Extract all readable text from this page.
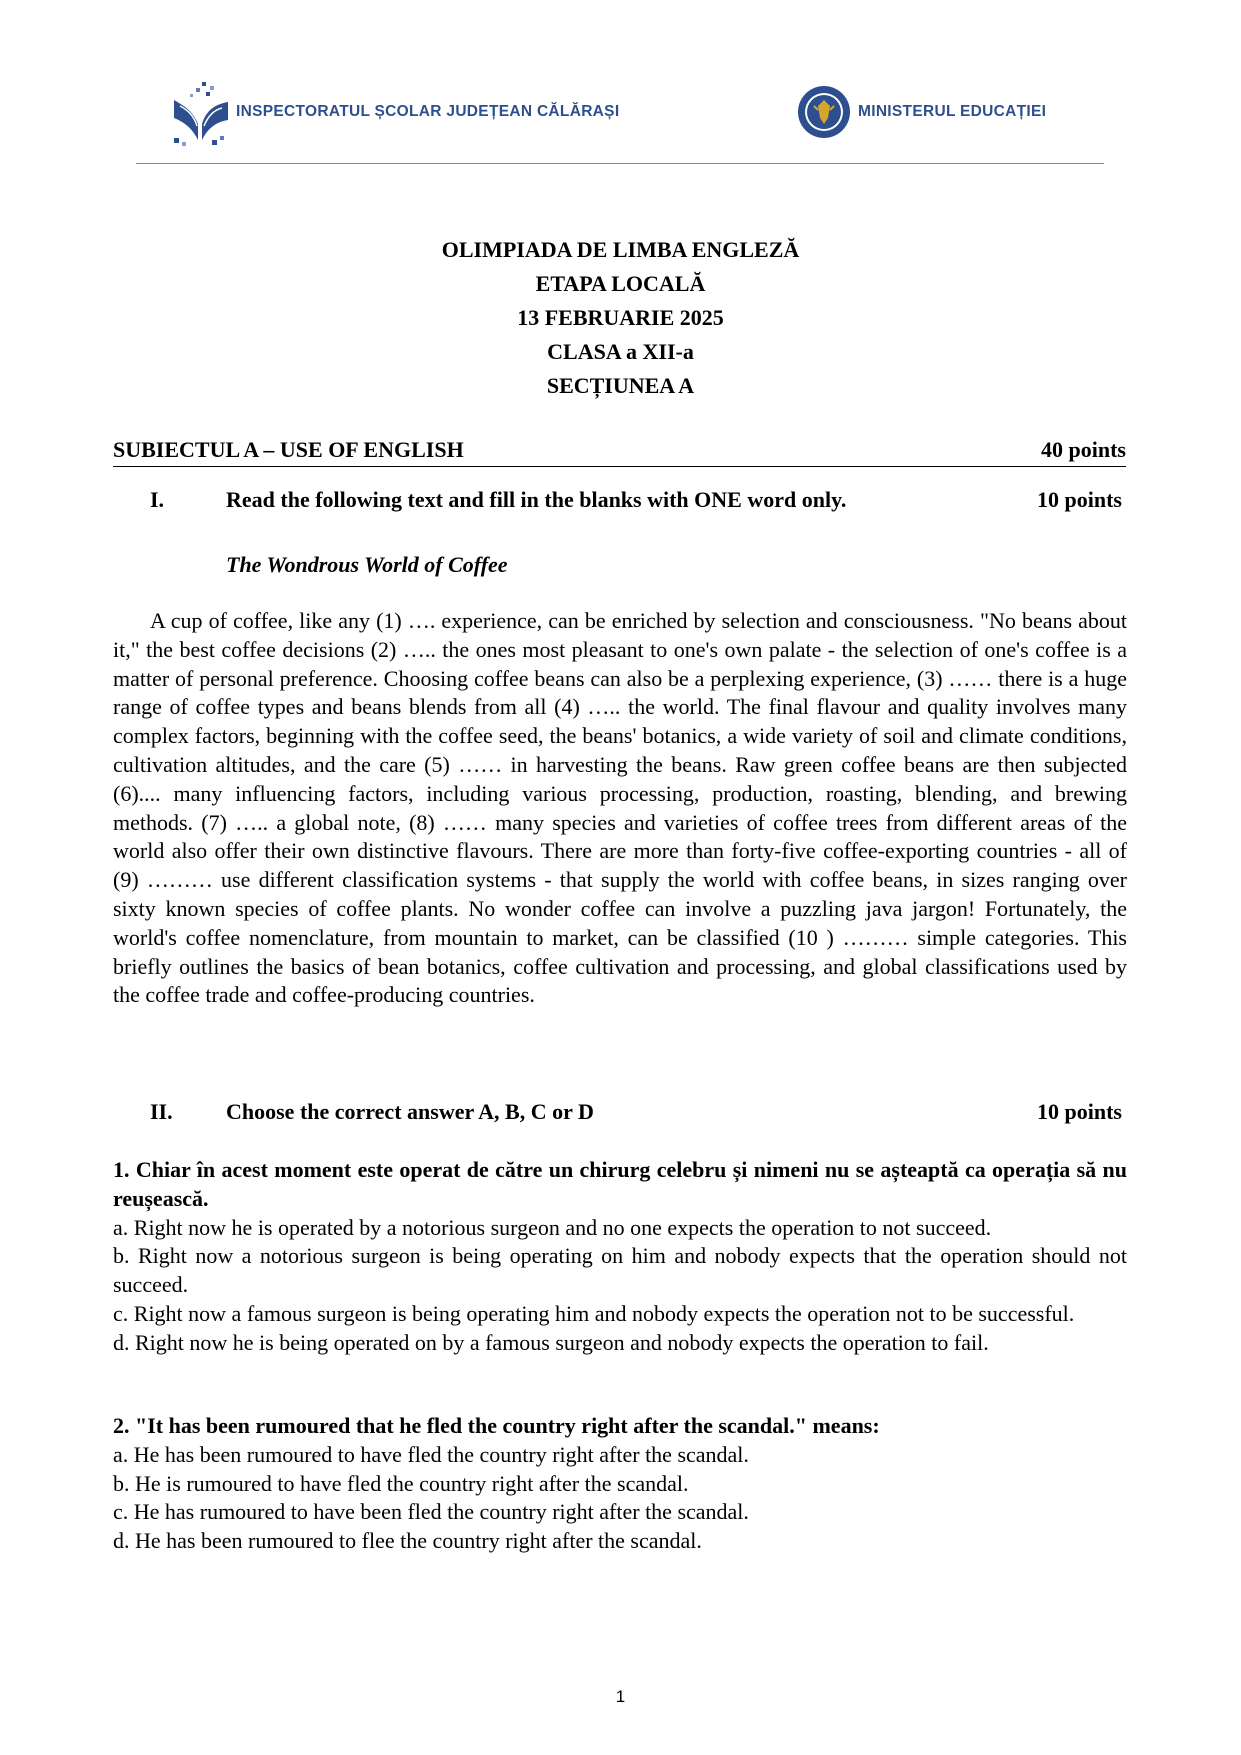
INSPECTORATUL ȘCOLAR JUDEȚEAN CĂLĂRAȘI	MINISTERUL EDUCAȚIEI
OLIMPIADA DE LIMBA ENGLEZĂ
ETAPA LOCALĂ
13 FEBRUARIE 2025
CLASA a XII-a
SECȚIUNEA A
SUBIECTUL A – USE OF ENGLISH	40 points
I.	Read the following text and fill in the blanks with ONE word only.	10 points
The Wondrous World of Coffee

A cup of coffee, like any (1) …. experience, can be enriched by selection and consciousness. "No beans about it," the best coffee decisions (2) ….. the ones most pleasant to one's own palate - the selection of one's coffee is a matter of personal preference. Choosing coffee beans can also be a perplexing experience, (3) …… there is a huge range of coffee types and beans blends from all (4) ….. the world. The final flavour and quality involves many complex factors, beginning with the coffee seed, the beans' botanics, a wide variety of soil and climate conditions, cultivation altitudes, and the care (5) …… in harvesting the beans. Raw green coffee beans are then subjected (6).... many influencing factors, including various processing, production, roasting, blending, and brewing methods. (7) ….. a global note, (8) …… many species and varieties of coffee trees from different areas of the world also offer their own distinctive flavours. There are more than forty-five coffee-exporting countries - all of (9) ……… use different classification systems - that supply the world with coffee beans, in sizes ranging over sixty known species of coffee plants. No wonder coffee can involve a puzzling java jargon! Fortunately, the world's coffee nomenclature, from mountain to market, can be classified (10 ) ……… simple categories. This briefly outlines the basics of bean botanics, coffee cultivation and processing, and global classifications used by the coffee trade and coffee-producing countries.

II. Choose the correct answer A, B, C or D	10 points
1. Chiar în acest moment este operat de către un chirurg celebru și nimeni nu se așteaptă ca operația să nu reușească.
a. Right now he is operated by a notorious surgeon and no one expects the operation to not succeed.
b. Right now a notorious surgeon is being operating on him and nobody expects that the operation should not succeed.
c. Right now a famous surgeon is being operating him and nobody expects the operation not to be successful.
d. Right now he is being operated on by a famous surgeon and nobody expects the operation to fail.
2. "It has been rumoured that he fled the country right after the scandal." means:
a. He has been rumoured to have fled the country right after the scandal.
b. He is rumoured to have fled the country right after the scandal.
c. He has rumoured to have been fled the country right after the scandal.
d. He has been rumoured to flee the country right after the scandal.
1
